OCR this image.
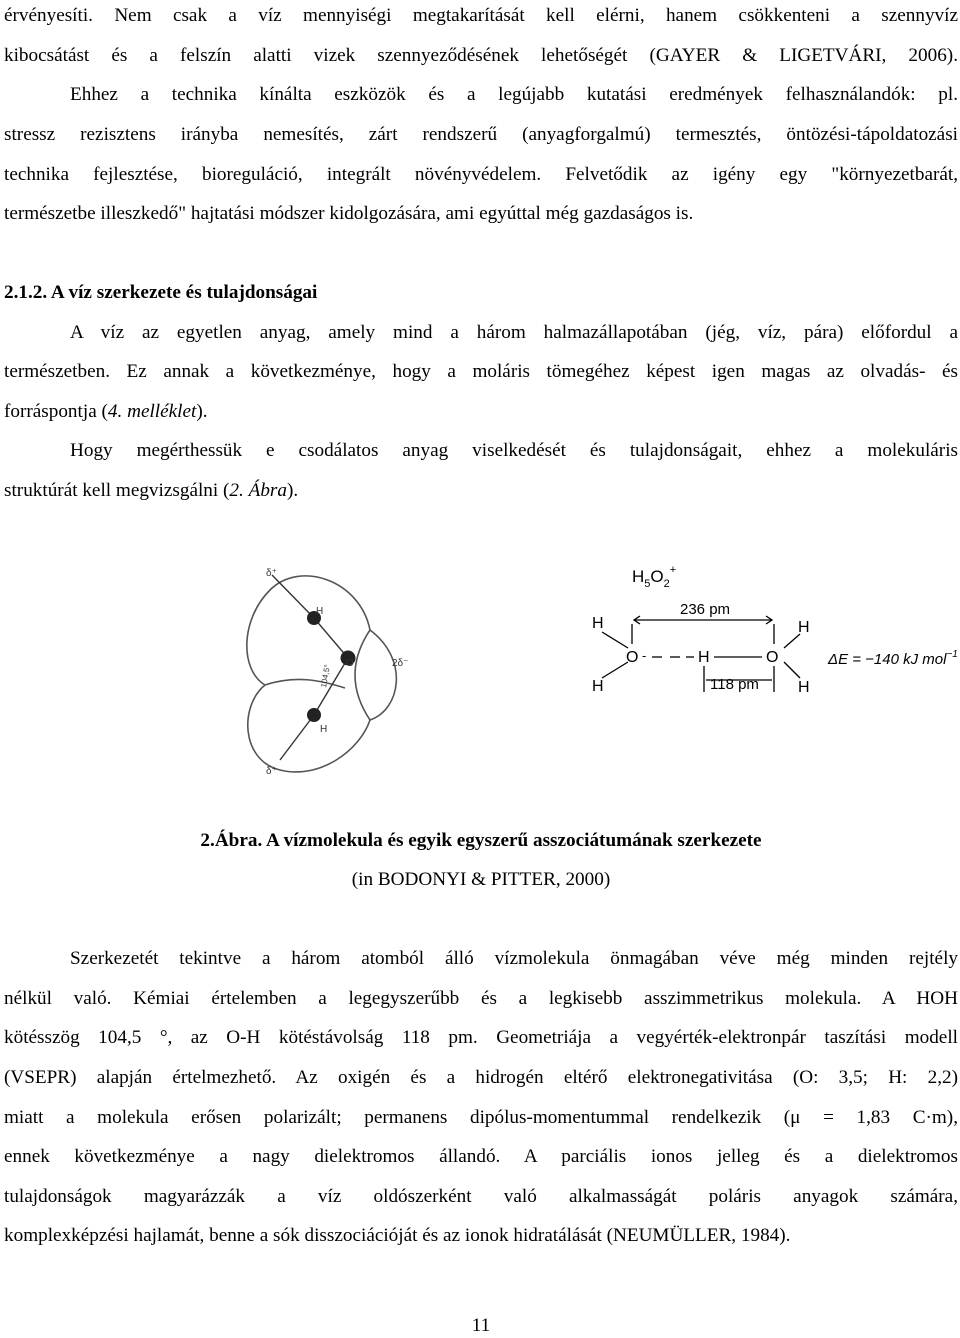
érvényesíti. Nem csak a víz mennyiségi megtakarítását kell elérni, hanem csökkenteni a szennyvíz
kibocsátást és a felszín alatti vizek szennyeződésének lehetőségét (GAYER & LIGETVÁRI, 2006).
Ehhez a technika kínálta eszközök és a legújabb kutatási eredmények felhasználandók: pl.
stressz rezisztens irányba nemesítés, zárt rendszerű (anyagforgalmú) termesztés, öntözési-tápoldatozási
technika fejlesztése, bioreguláció, integrált növényvédelem. Felvetődik az igény egy "környezetbarát,
természetbe illeszkedő" hajtatási módszer kidolgozására, ami egyúttal még gazdaságos is.
2.1.2. A víz szerkezete és tulajdonságai
A víz az egyetlen anyag, amely mind a három halmazállapotában (jég, víz, pára) előfordul a
természetben. Ez annak a következménye, hogy a moláris tömegéhez képest igen magas az olvadás- és
forráspontja (4. melléklet).
Hogy megérthessük e csodálatos anyag viselkedését és tulajdonságait, ehhez a molekuláris
struktúrát kell megvizsgálni (2. Ábra).
δ⁺
H
O	2δ⁻
H
δ⁺
104,5°
$H_5O_2^+$
236 pm
H	H
O -	H	O
H	H
118 pm
ΔE = −140 kJ mol$^{-1}$
2.Ábra. A vízmolekula és egyik egyszerű asszociátumának szerkezete
(in BODONYI & PITTER, 2000)
Szerkezetét tekintve a három atomból álló vízmolekula önmagában véve még minden rejtély
nélkül való. Kémiai értelemben a legegyszerűbb és a legkisebb asszimmetrikus molekula. A HOH
kötésszög 104,5 °, az O-H kötéstávolság 118 pm. Geometriája a vegyérték-elektronpár taszítási modell
(VSEPR) alapján értelmezhető. Az oxigén és a hidrogén eltérő elektronegativitása (O: 3,5; H: 2,2)
miatt a molekula erősen polarizált; permanens dipólus-momentummal rendelkezik (μ = 1,83 C·m),
ennek következménye a nagy dielektromos állandó. A parciális ionos jelleg és a dielektromos
tulajdonságok magyarázzák a víz oldószerként való alkalmasságát poláris anyagok számára,
komplexképzési hajlamát, benne a sók disszociációját és az ionok hidratálását (NEUMÜLLER, 1984).
11
